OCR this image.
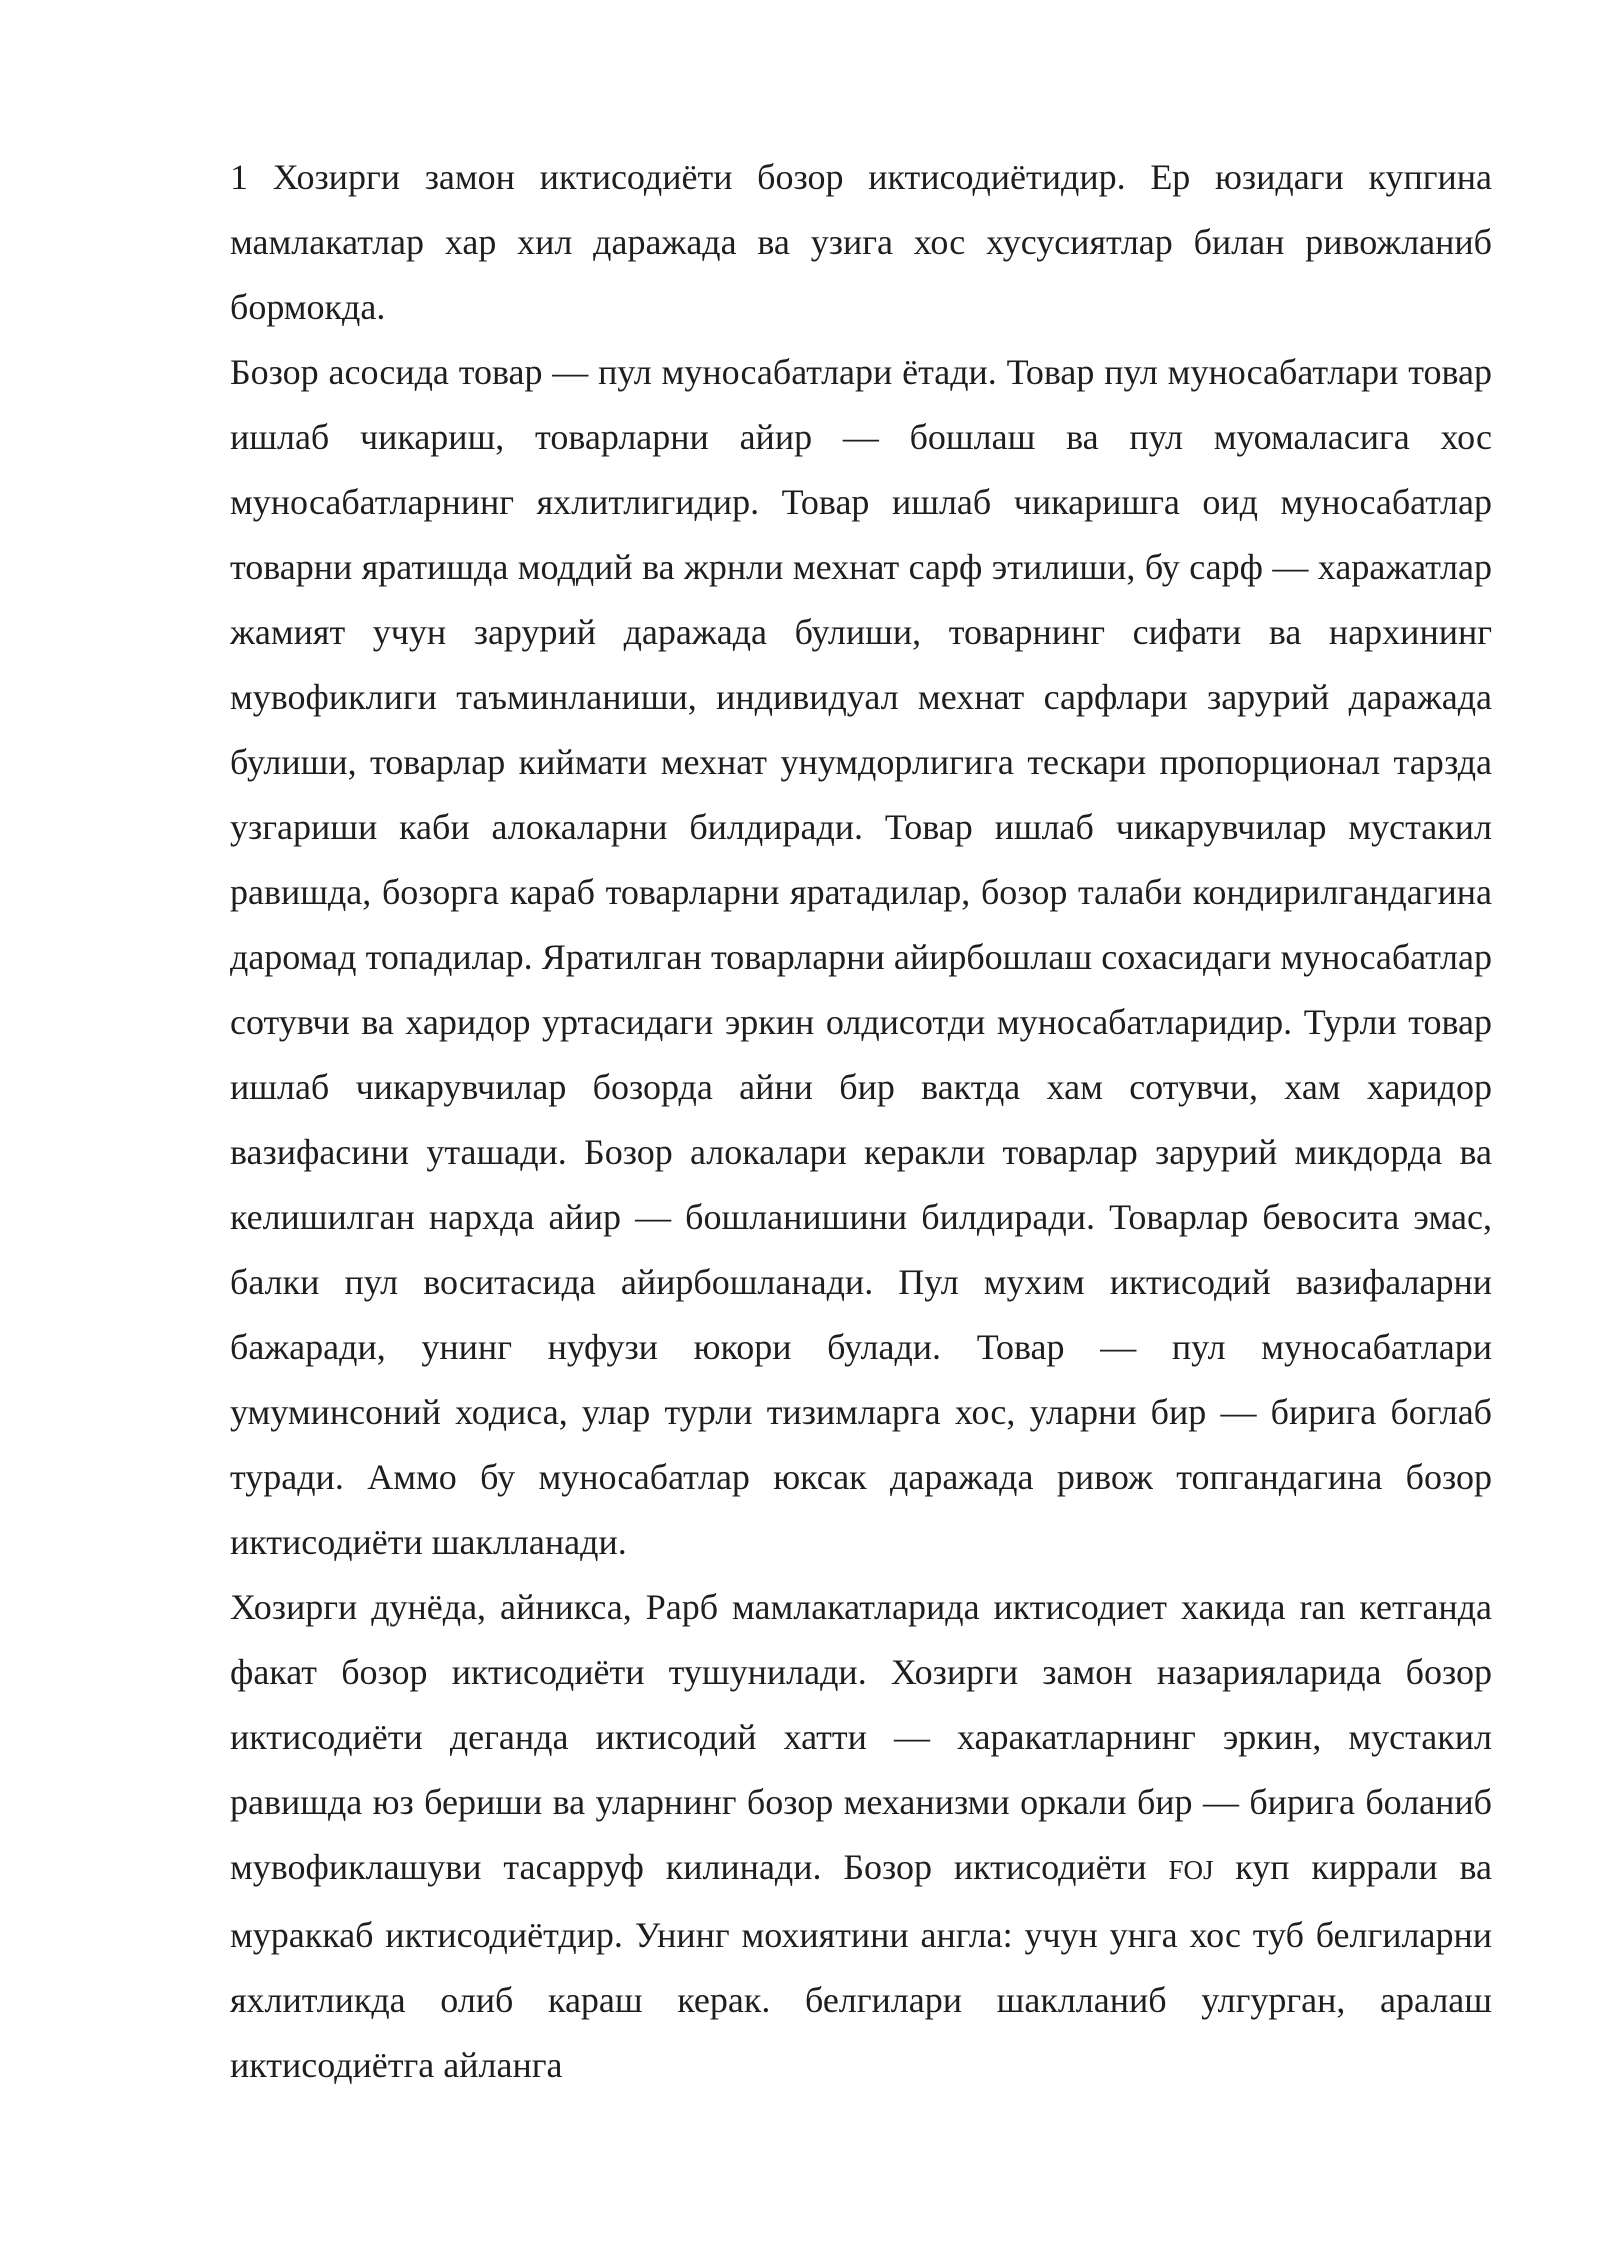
1 Хозирги замон иктисодиёти бозор иктисодиётидир. Ер юзидаги купгина мамлакатлар хар хил даражада ва узига хос хусусиятлар билан ривожланиб бормокда.

Бозор асосида товар — пул муносабатлари ётади. Товар пул муносабатлари товар ишлаб чикариш, товарларни айир — бошлаш ва пул муомаласига хос муносабатларнинг яхлитлигидир. Товар ишлаб чикаришга оид муносабатлар товарни яратишда моддий ва жрнли мехнат сарф этилиши, бу сарф — харажатлар жамият учун зарурий даражада булиши, товарнинг сифати ва нархининг мувофиклиги таъминланиши, индивидуал мехнат сарфлари зарурий даражада булиши, товарлар киймати мехнат унумдорлигига тескари пропорционал тарзда узгариши каби алокаларни билдиради. Товар ишлаб чикарувчилар мустакил равишда, бозорга караб товарларни яратадилар, бозор талаби кондирилгандагина даромад топадилар. Яратилган товарларни айирбошлаш сохасидаги муносабатлар сотувчи ва харидор уртасидаги эркин олдисотди муносабатларидир. Турли товар ишлаб чикарувчилар бозорда айни бир вактда хам сотувчи, хам харидор вазифасини уташади. Бозор алокалари керакли товарлар зарурий микдорда ва келишилган нархда айир — бошланишини билдиради. Товарлар бевосита эмас, балки пул воситасида айирбошланади. Пул мухим иктисодий вазифаларни бажаради, унинг нуфузи юкори булади. Товар — пул муносабатлари умуминсоний ходиса, улар турли тизимларга хос, уларни бир — бирига боглаб туради. Аммо бу муносабатлар юксак даражада ривож топгандагина бозор иктисодиёти шаклланади.

Хозирги дунёда, айникса, Рарб мамлакатларида иктисодиет хакида ran кетганда факат бозор иктисодиёти тушунилади. Хозирги замон назарияларида бозор иктисодиёти деганда иктисодий хатти — харакатларнинг эркин, мустакил равишда юз бериши ва уларнинг бозор механизми оркали бир — бирига боланиб мувофиклашуви тасарруф килинади. Бозор иктисодиёти FOJ куп киррали ва мураккаб иктисодиётдир. Унинг мохиятини англа: учун унга хос туб белгиларни яхлитликда олиб караш керак. белгилари шаклланиб улгурган, аралаш иктисодиётга айланга
